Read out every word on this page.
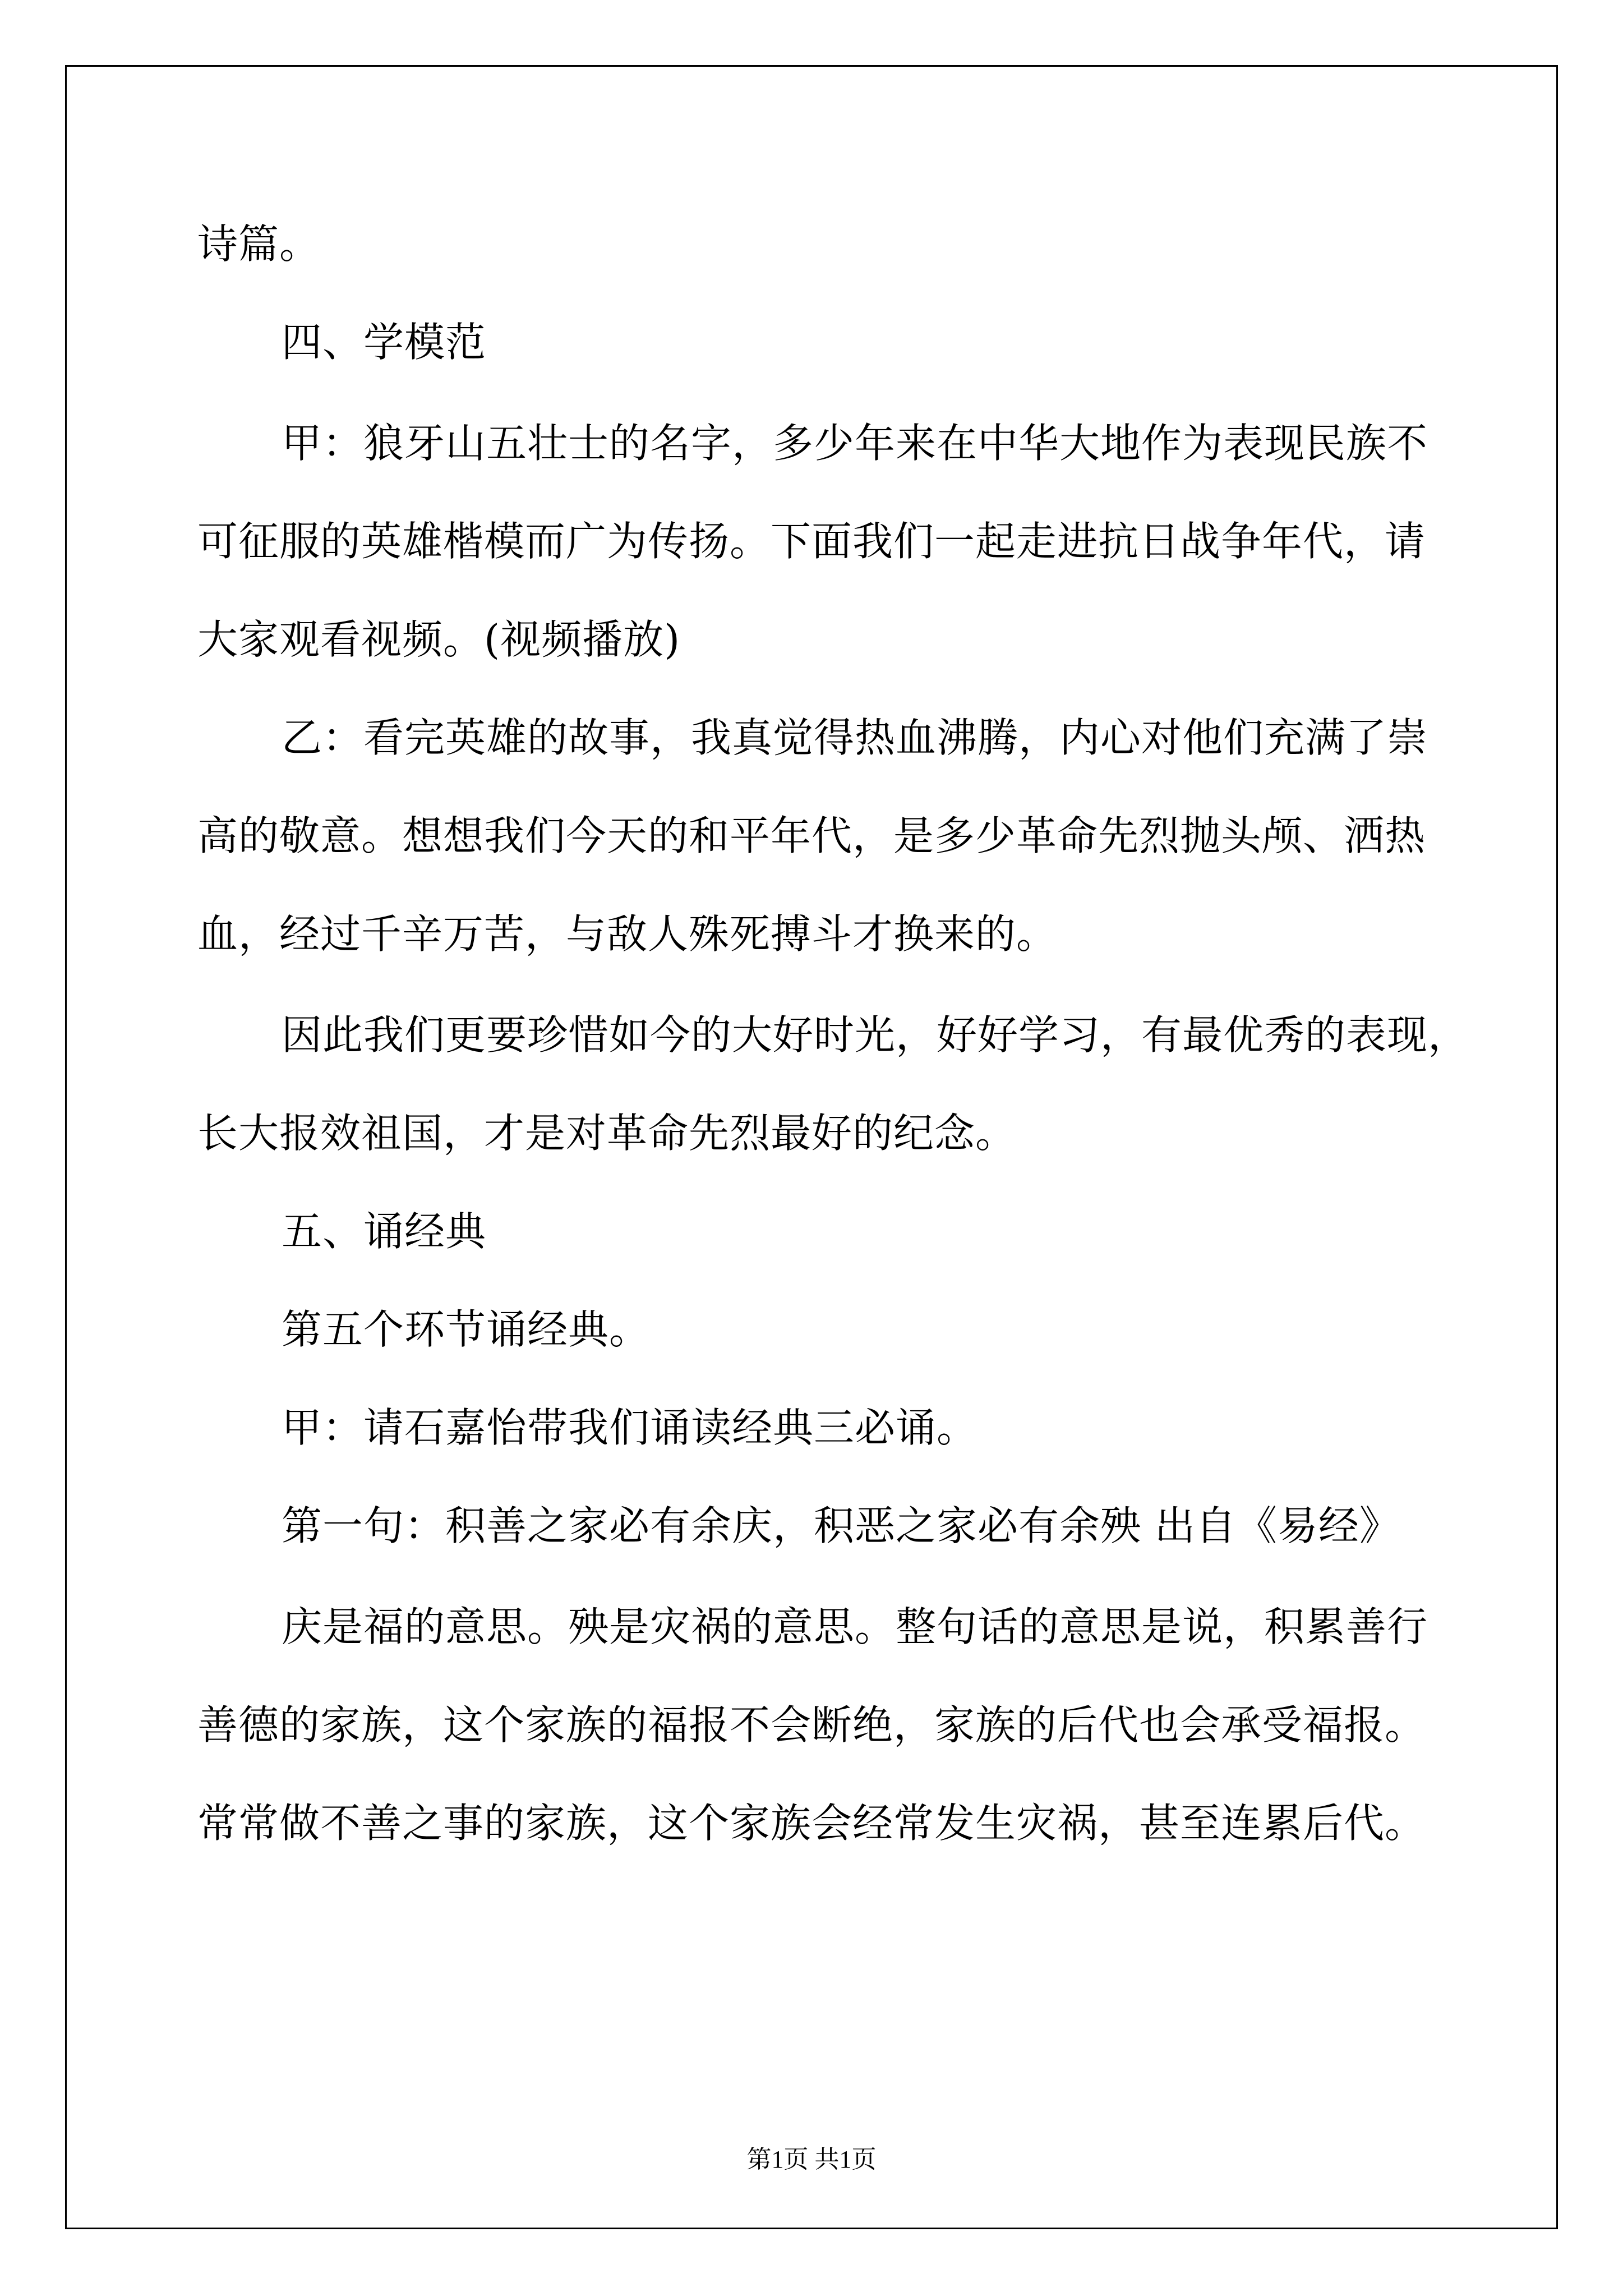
诗篇。
四、学模范
甲：狼牙山五壮士的名字，多少年来在中华大地作为表现民族不
可征服的英雄楷模而广为传扬。下面我们一起走进抗日战争年代，请
大家观看视频。(视频播放)
乙：看完英雄的故事，我真觉得热血沸腾，内心对他们充满了崇
高的敬意。想想我们今天的和平年代，是多少革命先烈抛头颅、洒热
血，经过千辛万苦，与敌人殊死搏斗才换来的。
因此我们更要珍惜如今的大好时光，好好学习，有最优秀的表现，
长大报效祖国，才是对革命先烈最好的纪念。
五、诵经典
第五个环节诵经典。
甲：请石嘉怡带我们诵读经典三必诵。
第一句：积善之家必有余庆，积恶之家必有余殃 出自《易经》
庆是福的意思。殃是灾祸的意思。整句话的意思是说，积累善行
善德的家族，这个家族的福报不会断绝，家族的后代也会承受福报。
常常做不善之事的家族，这个家族会经常发生灾祸，甚至连累后代。
第1页 共1页
